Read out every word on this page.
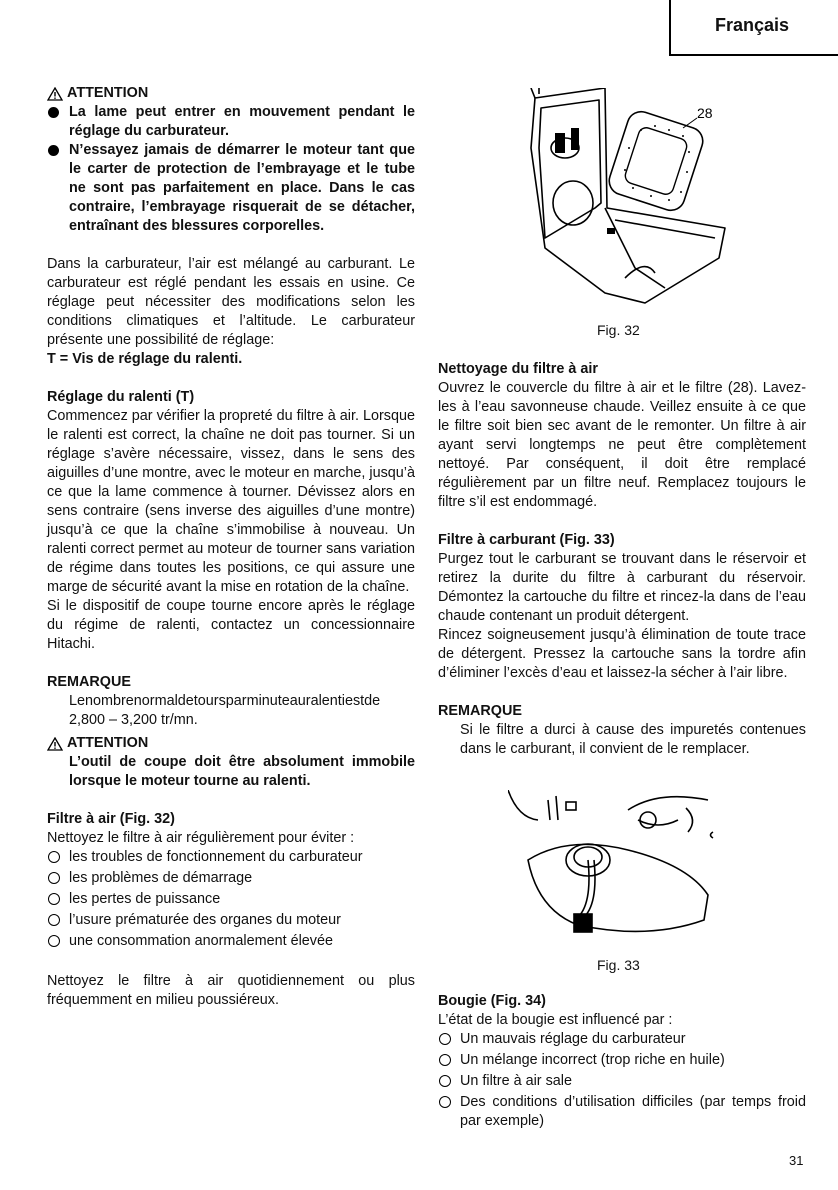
Français
ATTENTION
La lame peut entrer en mouvement pendant le réglage du carburateur.
N’essayez jamais de démarrer le moteur tant que le carter de protection de l’embrayage et le tube ne sont pas parfaitement en place. Dans le cas contraire, l’embrayage risquerait de se détacher, entraînant des blessures corporelles.

Dans la carburateur, l’air est mélangé au carburant. Le carburateur est réglé pendant les essais en usine. Ce réglage peut nécessiter des modifications selon les conditions climatiques et l’altitude. Le carburateur présente une possibilité de réglage:

T = Vis de réglage du ralenti.

Réglage du ralenti (T)

Commencez par vérifier la propreté du filtre à air. Lorsque le ralenti est correct, la chaîne ne doit pas tourner. Si un réglage s’avère nécessaire, vissez, dans le sens des aiguilles d’une montre, avec le moteur en marche, jusqu’à ce que la lame commence à tourner. Dévissez alors en sens contraire (sens inverse des aiguilles d’une montre) jusqu’à ce que la chaîne s’immobilise à nouveau. Un ralenti correct permet au moteur de tourner sans variation de régime dans toutes les positions, ce qui assure une marge de sécurité avant la mise en rotation de la chaîne.

Si le dispositif de coupe tourne encore après le réglage du régime de ralenti, contactez un concessionnaire Hitachi.

REMARQUE

Lenombrenormaldetoursparminuteauralentiestde 2,800 – 3,200 tr/mn.

ATTENTION

L’outil de coupe doit être absolument immobile lorsque le moteur tourne au ralenti.

Filtre à air (Fig. 32)

Nettoyez le filtre à air régulièrement pour éviter :

les troubles de fonctionnement du carburateur
les problèmes de démarrage
les pertes de puissance
l’usure prématurée des organes du moteur
une consommation anormalement élevée

Nettoyez le filtre à air quotidiennement ou plus fréquemment en milieu poussiéreux.

28
Fig. 32

Nettoyage du filtre à air

Ouvrez le couvercle du filtre à air et le filtre (28). Lavez-les à l’eau savonneuse chaude. Veillez ensuite à ce que le filtre soit bien sec avant de le remonter. Un filtre à air ayant servi longtemps ne peut être complètement nettoyé. Par conséquent, il doit être remplacé régulièrement par un filtre neuf. Remplacez toujours le filtre s’il est endommagé.

Filtre à carburant (Fig. 33)

Purgez tout le carburant se trouvant dans le réservoir et retirez la durite du filtre à carburant du réservoir. Démontez la cartouche du filtre et rincez-la dans de l’eau chaude contenant un produit détergent.

Rincez soigneusement jusqu’à élimination de toute trace de détergent. Pressez la cartouche sans la tordre afin d’éliminer l’excès d’eau et laissez-la sécher à l’air libre.

REMARQUE

Si le filtre a durci à cause des impuretés contenues dans le carburant, il convient de le remplacer.

Fig. 33

Bougie (Fig. 34)

L’état de la bougie est influencé par :

Un mauvais réglage du carburateur
Un mélange incorrect (trop riche en huile)
Un filtre à air sale
Des conditions d’utilisation difficiles (par temps froid par exemple)
31
